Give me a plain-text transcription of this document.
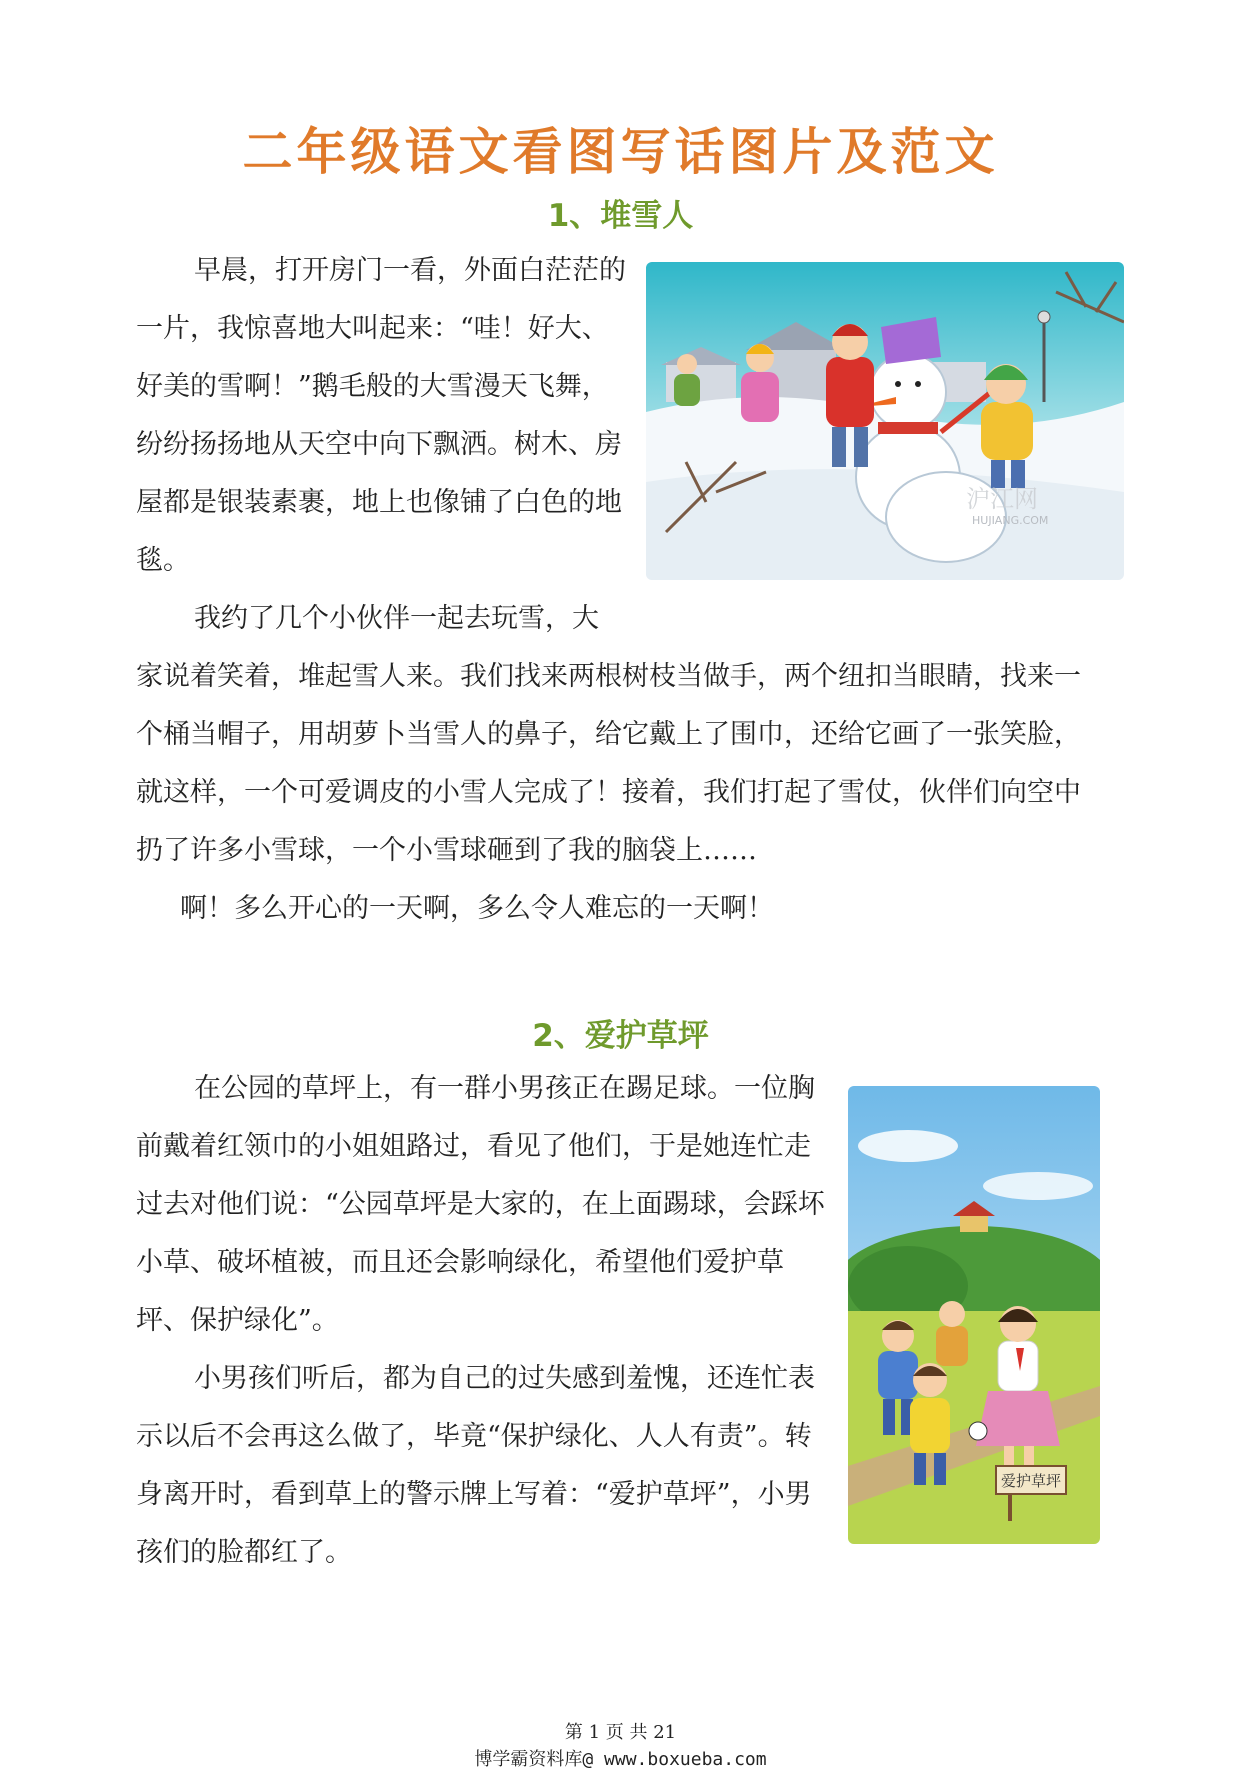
二年级语文看图写话图片及范文
1、堆雪人

早晨，打开房门一看，外面白茫茫的一片，我惊喜地大叫起来：“哇！好大、好美的雪啊！”鹅毛般的大雪漫天飞舞，纷纷扬扬地从天空中向下飘洒。树木、房屋都是银装素裹，地上也像铺了白色的地毯。

我约了几个小伙伴一起去玩雪，大

家说着笑着，堆起雪人来。我们找来两根树枝当做手，两个纽扣当眼睛，找来一个桶当帽子，用胡萝卜当雪人的鼻子，给它戴上了围巾，还给它画了一张笑脸，就这样，一个可爱调皮的小雪人完成了！接着，我们打起了雪仗，伙伴们向空中扔了许多小雪球，一个小雪球砸到了我的脑袋上……

啊！多么开心的一天啊，多么令人难忘的一天啊！

沪江网
HUJIANG.COM
2、爱护草坪

在公园的草坪上，有一群小男孩正在踢足球。一位胸前戴着红领巾的小姐姐路过，看见了他们，于是她连忙走过去对他们说：“公园草坪是大家的，在上面踢球，会踩坏小草、破坏植被，而且还会影响绿化，希望他们爱护草坪、保护绿化”。

小男孩们听后，都为自己的过失感到羞愧，还连忙表示以后不会再这么做了，毕竟“保护绿化、人人有责”。转身离开时，看到草上的警示牌上写着：“爱护草坪”，小男孩们的脸都红了。

爱护草坪
第 1 页 共 21
博学霸资料库@ www.boxueba.com
